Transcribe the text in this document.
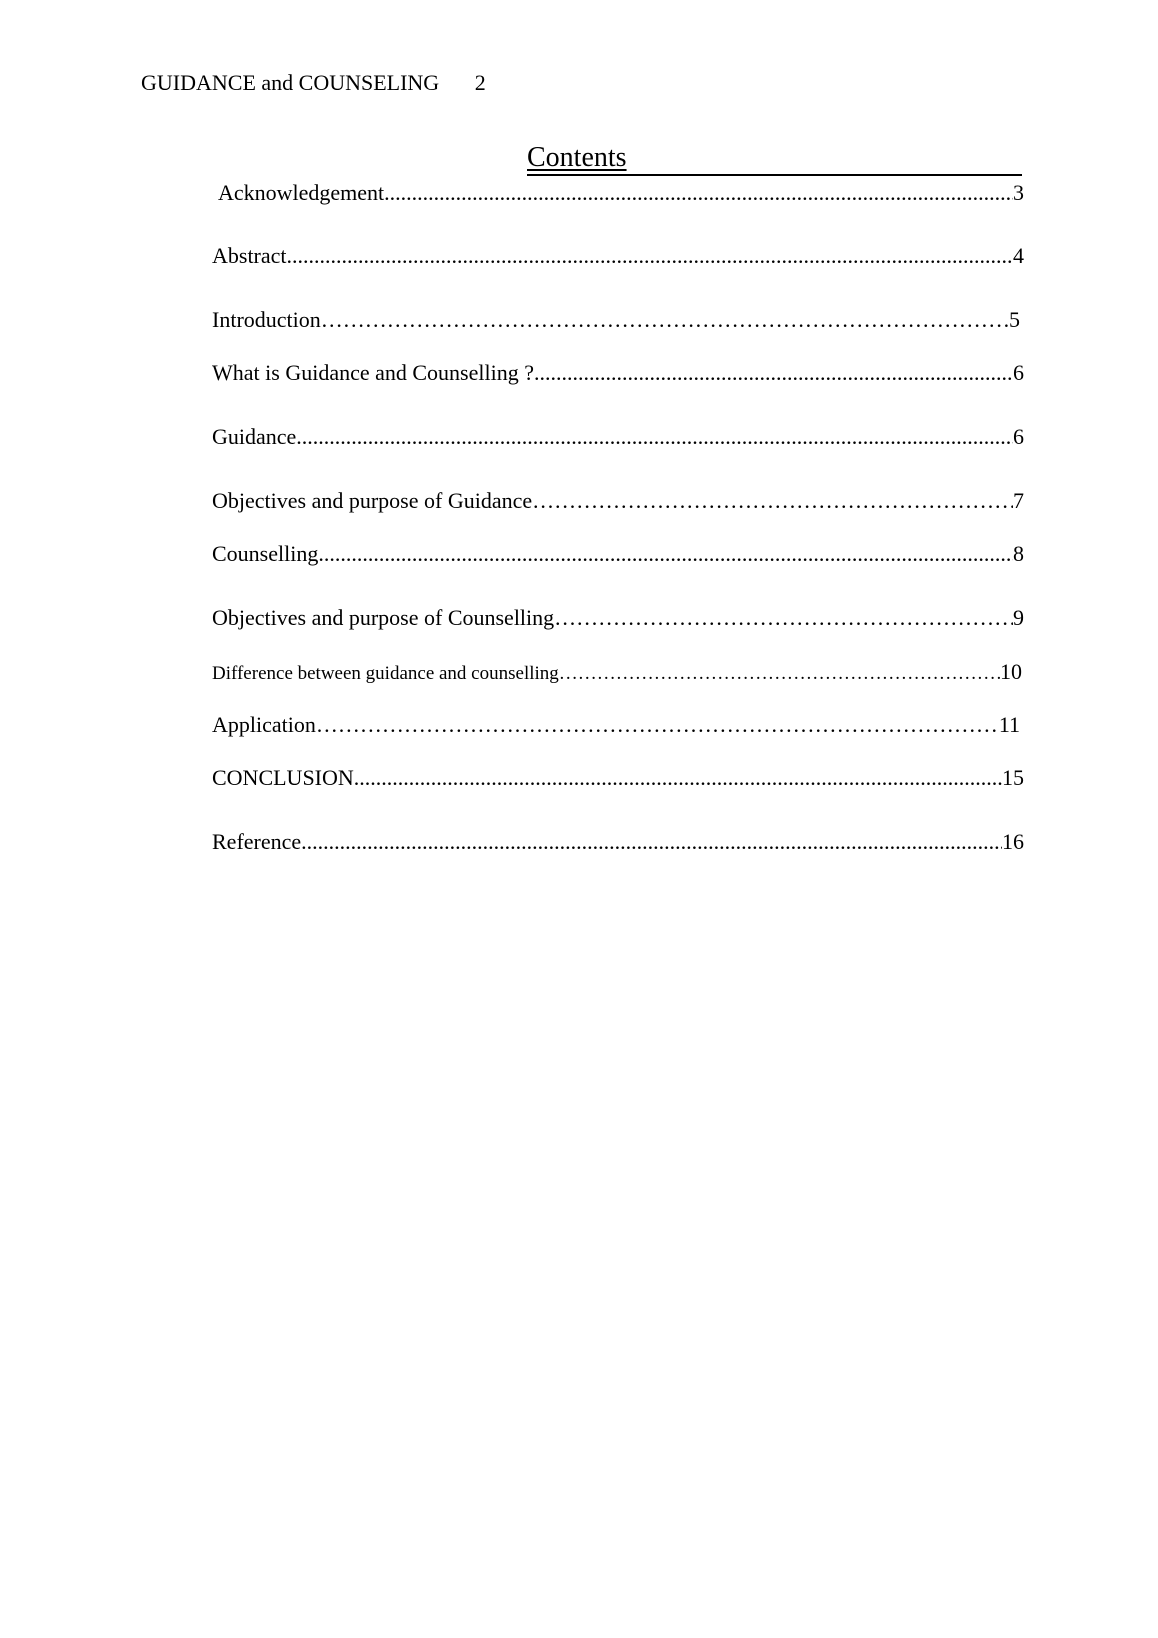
GUIDANCE and COUNSELING 2
Contents
Acknowledgement .....	3
Abstract .....	4
Introduction ……………………………………………………………………………………………………………………………………………………………	5
What is Guidance and Counselling ? .....	6
Guidance .....	6
Objectives and purpose of Guidance ……………………………………………………………………………………………………………………………………………………………	7
Counselling .....	8
Objectives and purpose of Counselling ……………………………………………………………………………………………………………………………………………………………	9
Difference between guidance and counselling ……………………………………………………………………………………………………………………………………………………………	10
Application ……………………………………………………………………………………………………………………………………………………………	11
CONCLUSION .....	15
Reference .....	16
